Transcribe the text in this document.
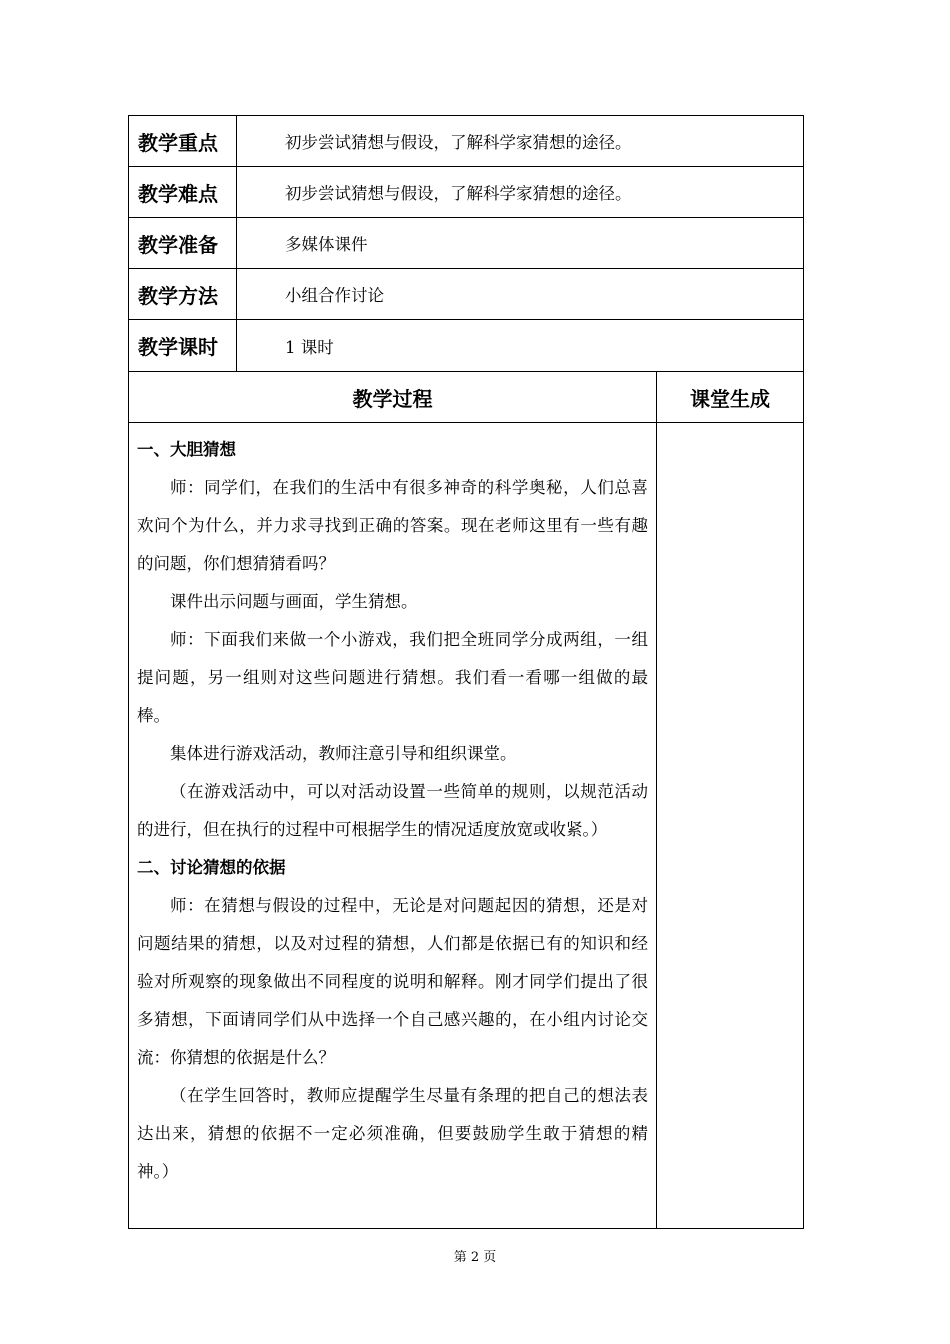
教学重点	初步尝试猜想与假设，了解科学家猜想的途径。
教学难点	初步尝试猜想与假设，了解科学家猜想的途径。
教学准备	多媒体课件
教学方法	小组合作讨论
教学课时	1 课时
教学过程	课堂生成
一、大胆猜想

师：同学们，在我们的生活中有很多神奇的科学奥秘，人们总喜欢问个为什么，并力求寻找到正确的答案。现在老师这里有一些有趣的问题，你们想猜猜看吗？

课件出示问题与画面，学生猜想。

师：下面我们来做一个小游戏，我们把全班同学分成两组，一组提问题，另一组则对这些问题进行猜想。我们看一看哪一组做的最棒。

集体进行游戏活动，教师注意引导和组织课堂。

（在游戏活动中，可以对活动设置一些简单的规则，以规范活动的进行，但在执行的过程中可根据学生的情况适度放宽或收紧。）

二、讨论猜想的依据

师：在猜想与假设的过程中，无论是对问题起因的猜想，还是对问题结果的猜想，以及对过程的猜想，人们都是依据已有的知识和经验对所观察的现象做出不同程度的说明和解释。刚才同学们提出了很多猜想，下面请同学们从中选择一个自己感兴趣的，在小组内讨论交流：你猜想的依据是什么？

（在学生回答时，教师应提醒学生尽量有条理的把自己的想法表达出来，猜想的依据不一定必须准确，但要鼓励学生敢于猜想的精神。）

第 2 页
